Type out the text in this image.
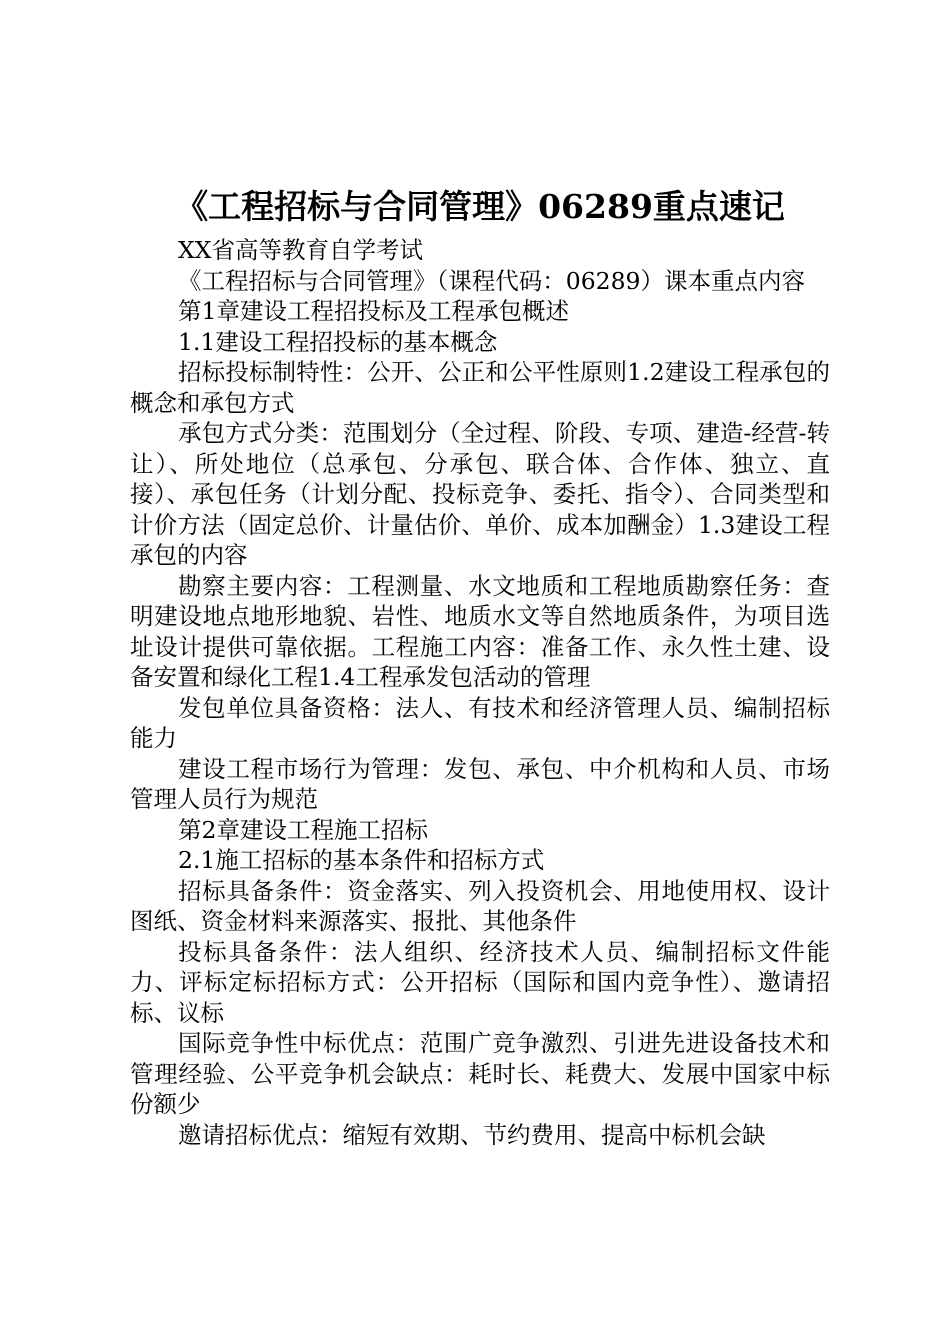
《工程招标与合同管理》06289重点速记

XX省高等教育自学考试

《工程招标与合同管理》（课程代码：06289）课本重点内容

第1章建设工程招投标及工程承包概述

1.1建设工程招投标的基本概念

招标投标制特性：公开、公正和公平性原则1.2建设工程承包的概念和承包方式

承包方式分类：范围划分（全过程、阶段、专项、建造-经营-转让）、所处地位（总承包、分承包、联合体、合作体、独立、直接）、承包任务（计划分配、投标竞争、委托、指令）、合同类型和计价方法（固定总价、计量估价、单价、成本加酬金）1.3建设工程承包的内容

勘察主要内容：工程测量、水文地质和工程地质勘察任务：查明建设地点地形地貌、岩性、地质水文等自然地质条件，为项目选址设计提供可靠依据。工程施工内容：准备工作、永久性土建、设备安置和绿化工程1.4工程承发包活动的管理

发包单位具备资格：法人、有技术和经济管理人员、编制招标能力

建设工程市场行为管理：发包、承包、中介机构和人员、市场管理人员行为规范

第2章建设工程施工招标

2.1施工招标的基本条件和招标方式

招标具备条件：资金落实、列入投资机会、用地使用权、设计图纸、资金材料来源落实、报批、其他条件

投标具备条件：法人组织、经济技术人员、编制招标文件能力、评标定标招标方式：公开招标（国际和国内竞争性）、邀请招标、议标

国际竞争性中标优点：范围广竞争激烈、引进先进设备技术和管理经验、公平竞争机会缺点：耗时长、耗费大、发展中国家中标份额少

邀请招标优点：缩短有效期、节约费用、提高中标机会缺
